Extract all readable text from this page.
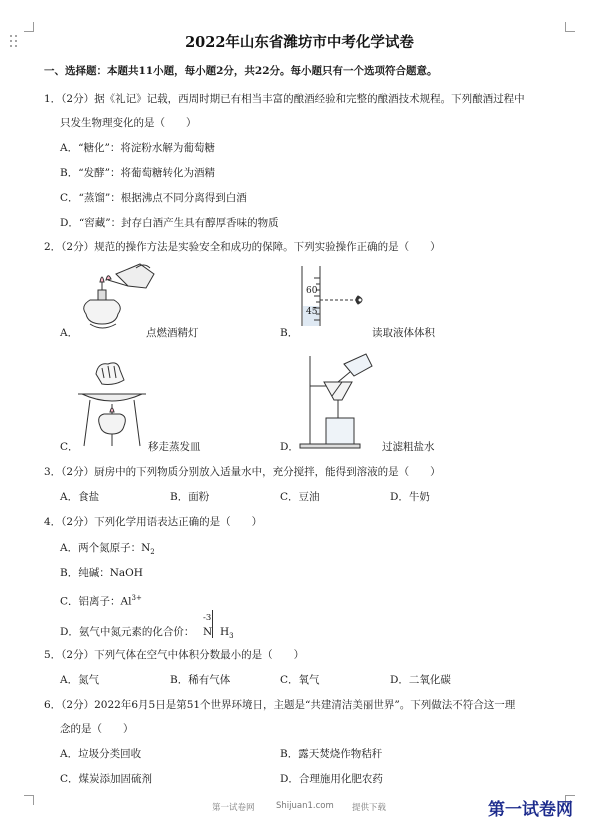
2022年山东省潍坊市中考化学试卷
一、选择题：本题共11小题，每小题2分，共22分。每小题只有一个选项符合题意。
1．（2分）据《礼记》记载，西周时期已有相当丰富的酿酒经验和完整的酿酒技术规程。下列酿酒过程中
只发生物理变化的是（　　）
A．“糖化”：将淀粉水解为葡萄糖
B．“发酵”：将葡萄糖转化为酒精
C．“蒸馏”：根据沸点不同分离得到白酒
D．“窖藏”：封存白酒产生具有醇厚香味的物质
2．（2分）规范的操作方法是实验安全和成功的保障。下列实验操作正确的是（　　）
A．	点燃酒精灯
60
45
B．	读取液体体积
C．	移走蒸发皿	D．	过滤粗盐水
3．（2分）厨房中的下列物质分别放入适量水中，充分搅拌，能得到溶液的是（　　）
A．食盐	B．面粉	C．豆油	D．牛奶
4．（2分）下列化学用语表达正确的是（　　）
A．两个氮原子：$N_2$
B．纯碱：NaOH
C．铝离子：$Al^{3+}$
D．氨气中氮元素的化合价：
-3
N $H_3$
5．（2分）下列气体在空气中体积分数最小的是（　　）
A．氮气	B．稀有气体	C．氧气	D．二氧化碳
6．（2分）2022年6月5日是第51个世界环境日，主题是“共建清洁美丽世界”。下列做法不符合这一理
念的是（　　）
A．垃圾分类回收	B．露天焚烧作物秸秆
C．煤炭添加固硫剂	D．合理施用化肥农药
第一试卷网	Shijuan1.com 提供下载	第一试卷网
